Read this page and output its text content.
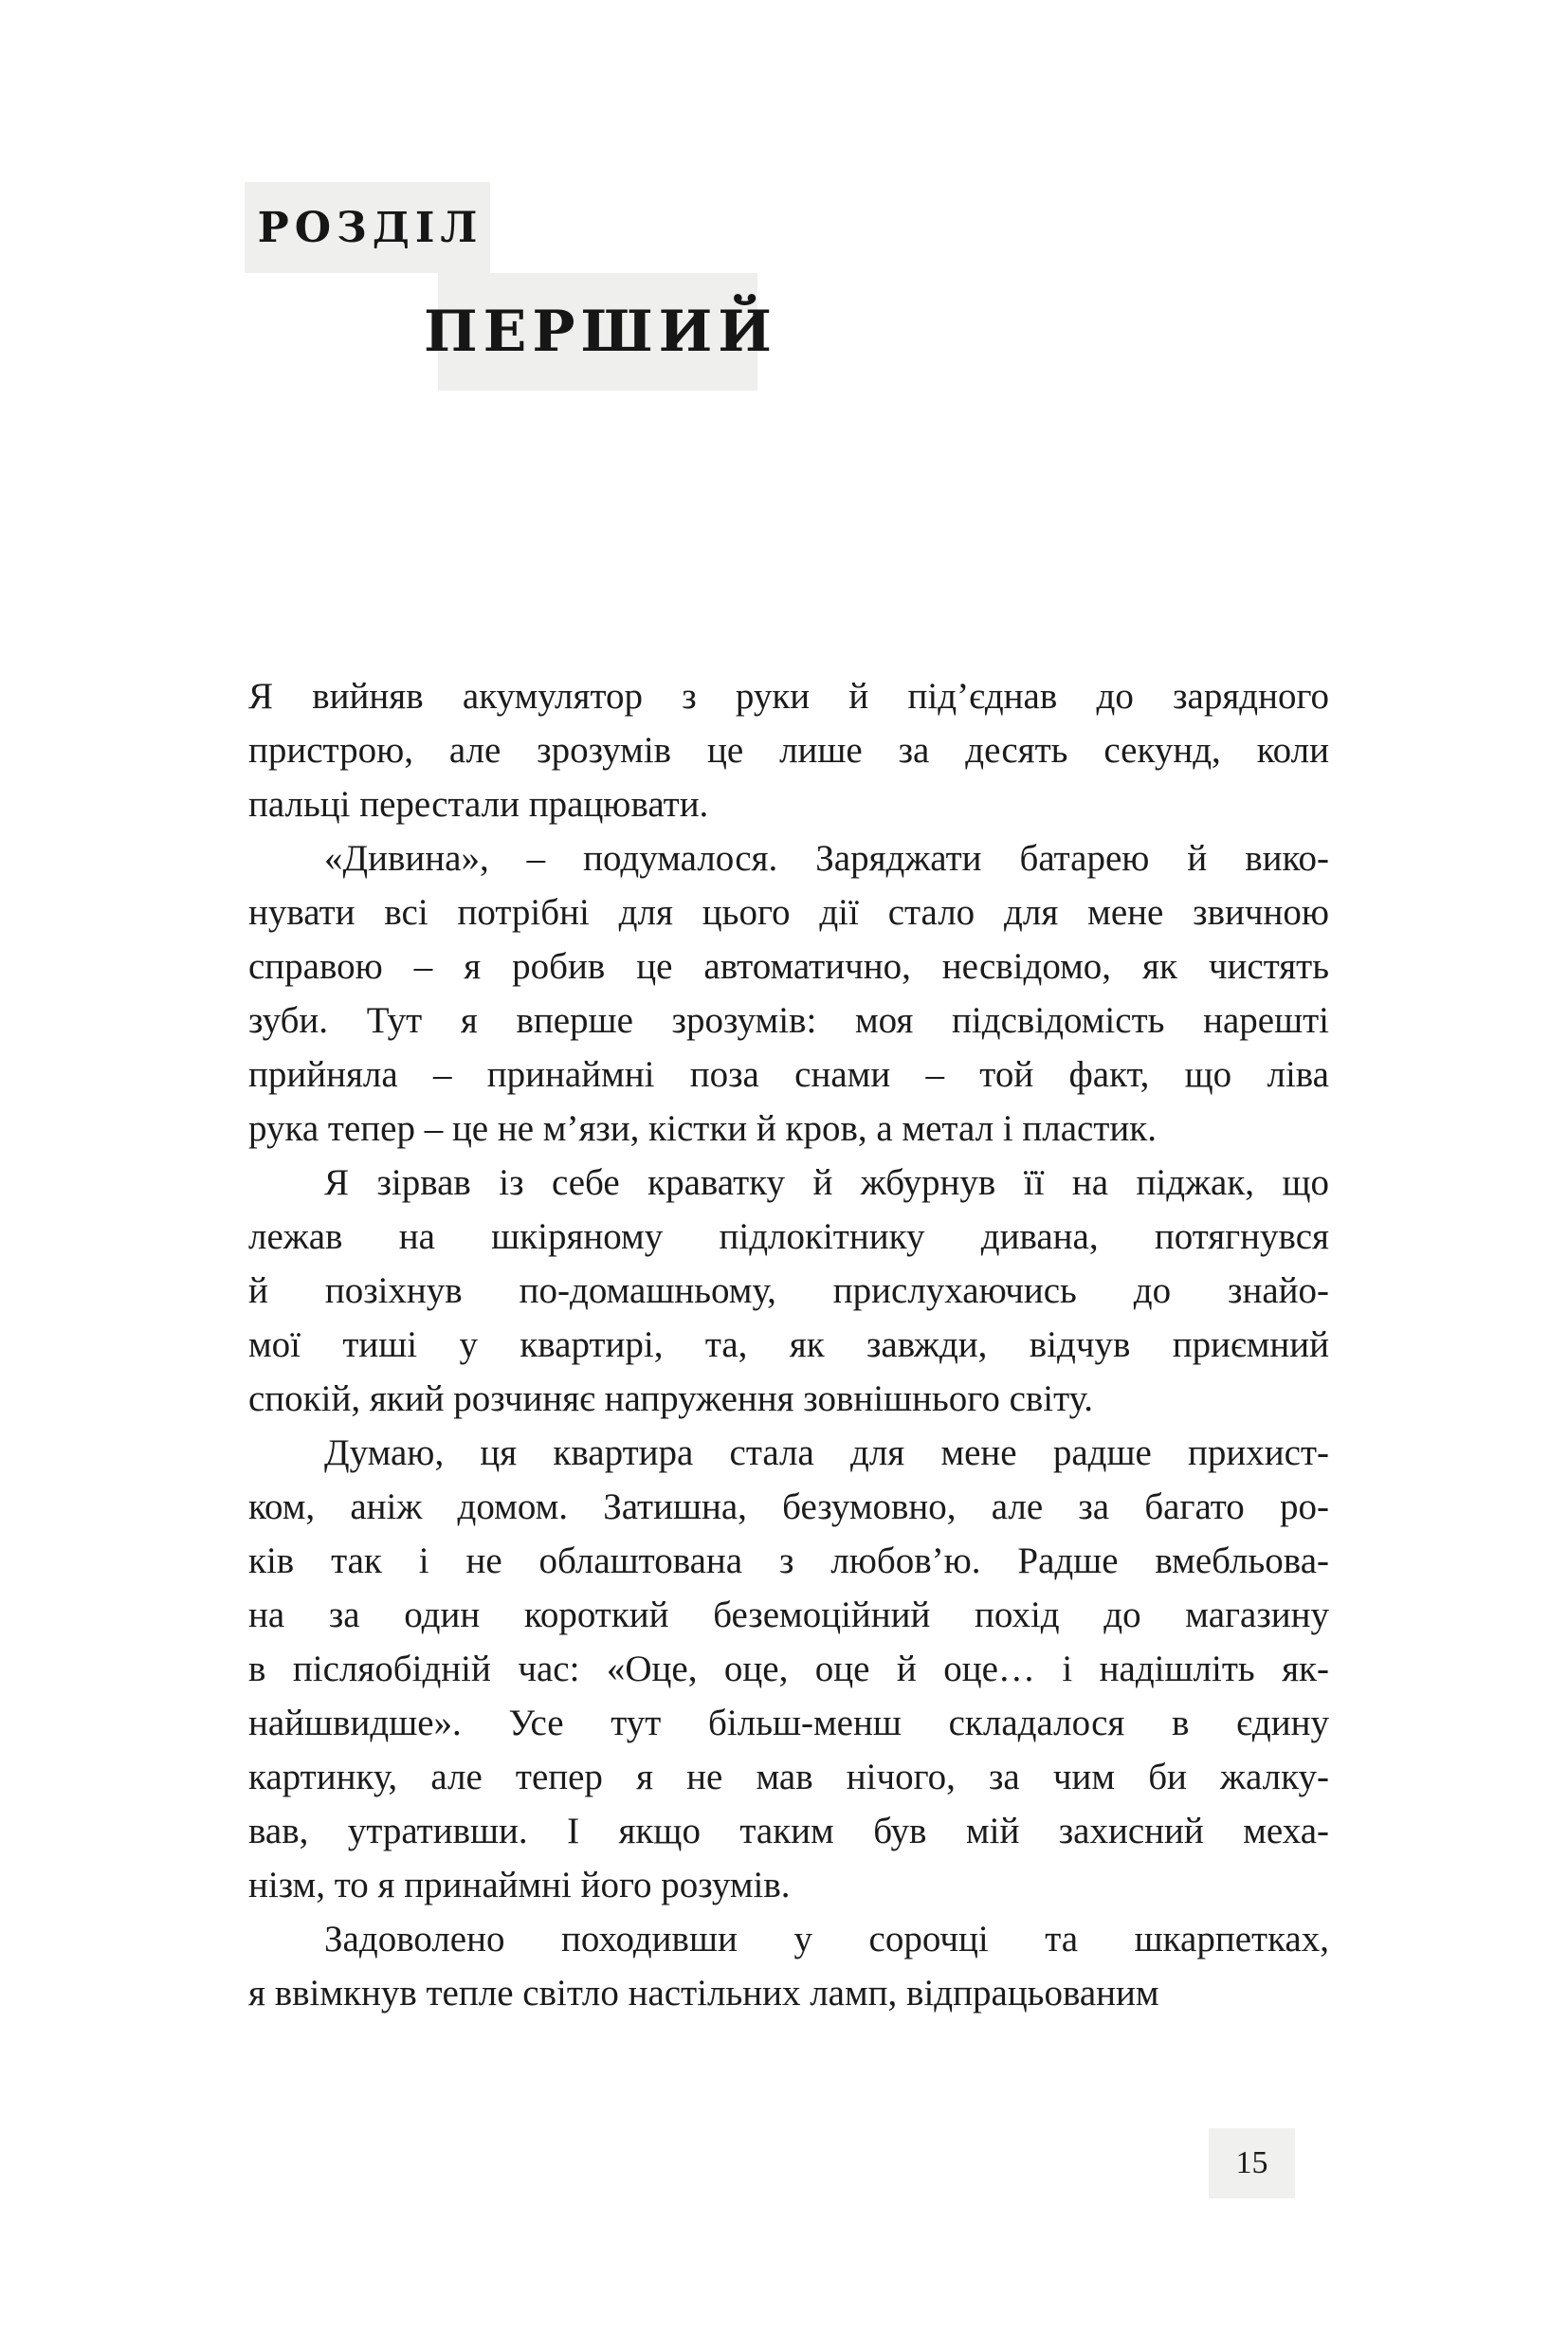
РОЗДІЛ
ПЕРШИЙ
Я вийняв акумулятор з руки й під’єднав до зарядного
пристрою, але зрозумів це лише за десять секунд, коли
пальці перестали працювати.
«Дивина», – подумалося. Заряджати батарею й вико-
нувати всі потрібні для цього дії стало для мене звичною
справою – я робив це автоматично, несвідомо, як чистять
зуби. Тут я вперше зрозумів: моя підсвідомість нарешті
прийняла – принаймні поза снами – той факт, що ліва
рука тепер – це не м’язи, кістки й кров, а метал і пластик.
Я зірвав із себе краватку й жбурнув її на піджак, що
лежав на шкіряному підлокітнику дивана, потягнувся
й позіхнув по-домашньому, прислухаючись до знайо-
мої тиші у квартирі, та, як завжди, відчув приємний
спокій, який розчиняє напруження зовнішнього світу.
Думаю, ця квартира стала для мене радше прихист-
ком, аніж домом. Затишна, безумовно, але за багато ро-
ків так і не облаштована з любов’ю. Радше вмебльова-
на за один короткий беземоційний похід до магазину
в післяобідній час: «Оце, оце, оце й оце… і надішліть як-
найшвидше». Усе тут більш-менш складалося в єдину
картинку, але тепер я не мав нічого, за чим би жалку-
вав, утративши. І якщо таким був мій захисний меха-
нізм, то я принаймні його розумів.
Задоволено походивши у сорочці та шкарпетках,
я ввімкнув тепле світло настільних ламп, відпрацьованим
15
